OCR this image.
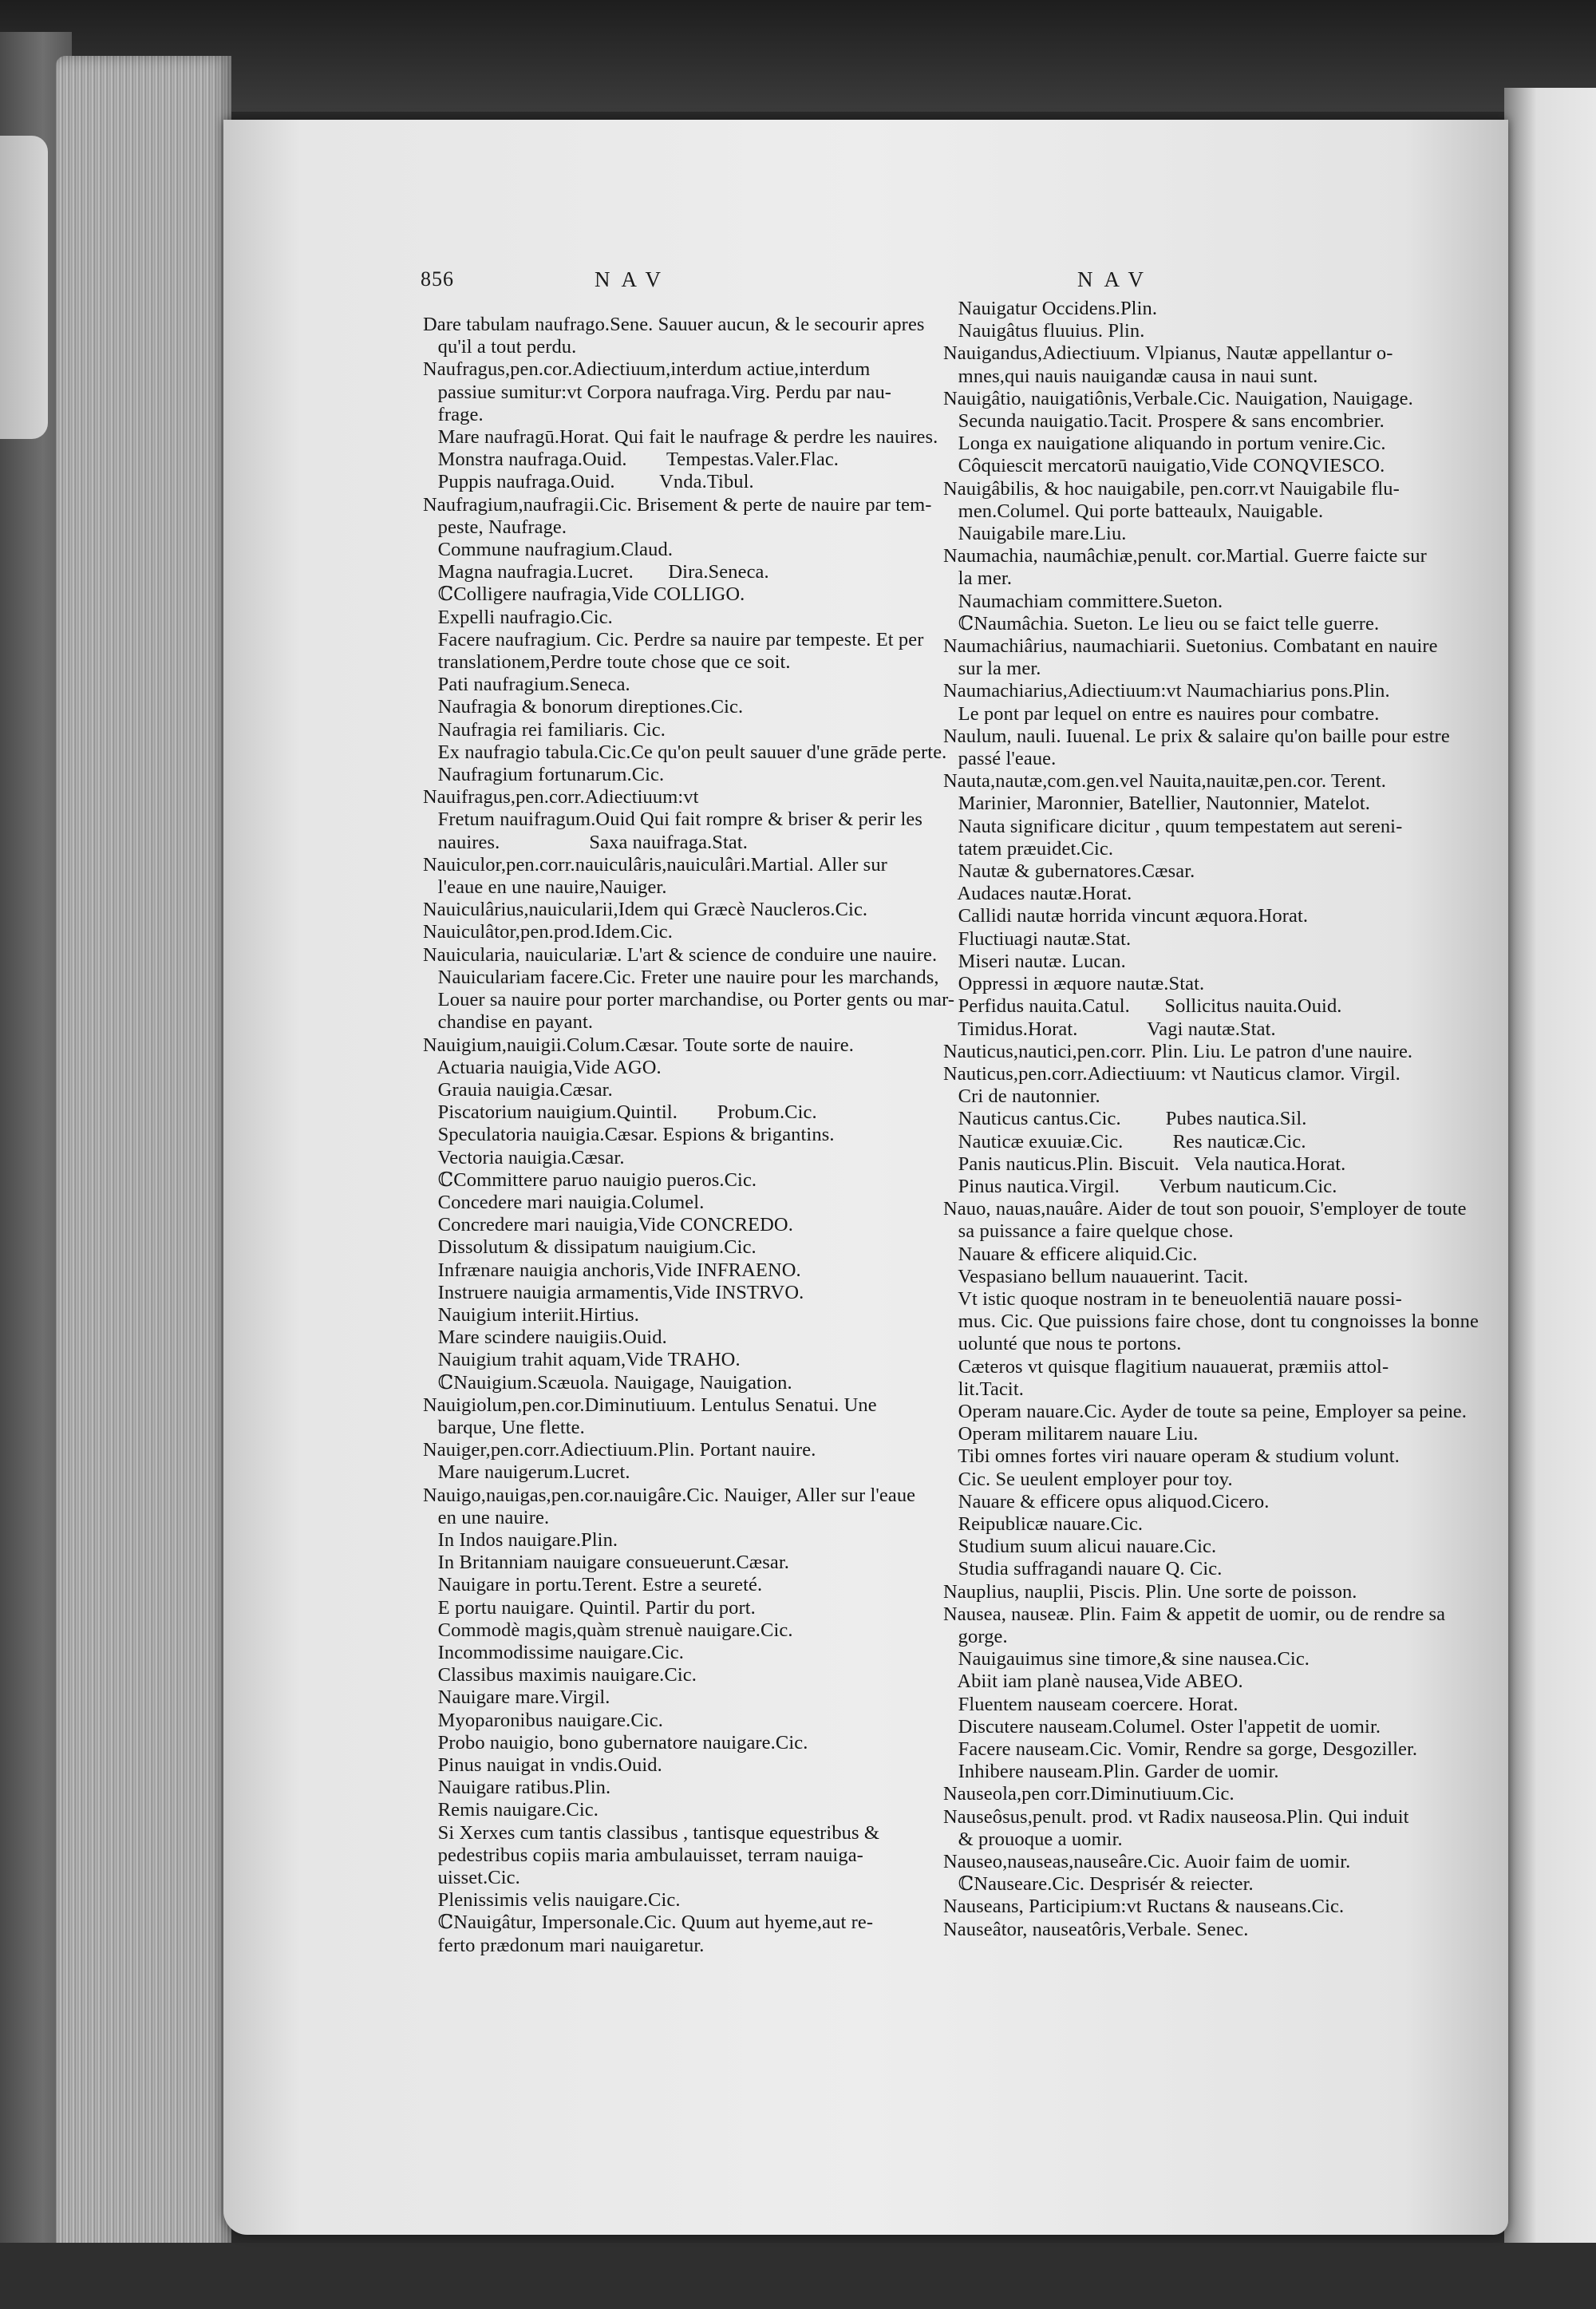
856	NAV	NAV
Dare tabulam naufrago.Sene. Sauuer aucun, & le secourir apres
qu'il a tout perdu.
Naufragus,pen.cor.Adiectiuum,interdum actiue,interdum
passiue sumitur:vt Corpora naufraga.Virg. Perdu par nau-
frage.
Mare naufragū.Horat. Qui fait le naufrage & perdre les nauires.
Monstra naufraga.Ouid.        Tempestas.Valer.Flac.
Puppis naufraga.Ouid.         Vnda.Tibul.
Naufragium,naufragii.Cic. Brisement & perte de nauire par tem-
peste, Naufrage.
Commune naufragium.Claud.
Magna naufragia.Lucret.       Dira.Seneca.
ℂColligere naufragia,Vide COLLIGO.
Expelli naufragio.Cic.
Facere naufragium. Cic. Perdre sa nauire par tempeste. Et per
translationem,Perdre toute chose que ce soit.
Pati naufragium.Seneca.
Naufragia & bonorum direptiones.Cic.
Naufragia rei familiaris. Cic.
Ex naufragio tabula.Cic.Ce qu'on peult sauuer d'une grāde perte.
Naufragium fortunarum.Cic.
Nauifragus,pen.corr.Adiectiuum:vt
Fretum nauifragum.Ouid Qui fait rompre & briser & perir les
nauires.                  Saxa nauifraga.Stat.
Nauiculor,pen.corr.nauiculâris,nauiculâri.Martial. Aller sur
l'eaue en une nauire,Nauiger.
Nauiculârius,nauicularii,Idem qui Græcè Naucleros.Cic.
Nauiculâtor,pen.prod.Idem.Cic.
Nauicularia, nauiculariæ. L'art & science de conduire une nauire.
Nauiculariam facere.Cic. Freter une nauire pour les marchands,
Louer sa nauire pour porter marchandise, ou Porter gents ou mar-
chandise en payant.
Nauigium,nauigii.Colum.Cæsar. Toute sorte de nauire.
Actuaria nauigia,Vide AGO.
Grauia nauigia.Cæsar.
Piscatorium nauigium.Quintil.        Probum.Cic.
Speculatoria nauigia.Cæsar. Espions & brigantins.
Vectoria nauigia.Cæsar.
ℂCommittere paruo nauigio pueros.Cic.
Concedere mari nauigia.Columel.
Concredere mari nauigia,Vide CONCREDO.
Dissolutum & dissipatum nauigium.Cic.
Infrænare nauigia anchoris,Vide INFRAENO.
Instruere nauigia armamentis,Vide INSTRVO.
Nauigium interiit.Hirtius.
Mare scindere nauigiis.Ouid.
Nauigium trahit aquam,Vide TRAHO.
ℂNauigium.Scæuola. Nauigage, Nauigation.
Nauigiolum,pen.cor.Diminutiuum. Lentulus Senatui. Une
barque, Une flette.
Nauiger,pen.corr.Adiectiuum.Plin. Portant nauire.
Mare nauigerum.Lucret.
Nauigo,nauigas,pen.cor.nauigâre.Cic. Nauiger, Aller sur l'eaue
en une nauire.
In Indos nauigare.Plin.
In Britanniam nauigare consueuerunt.Cæsar.
Nauigare in portu.Terent. Estre a seureté.
E portu nauigare. Quintil. Partir du port.
Commodè magis,quàm strenuè nauigare.Cic.
Incommodissime nauigare.Cic.
Classibus maximis nauigare.Cic.
Nauigare mare.Virgil.
Myoparonibus nauigare.Cic.
Probo nauigio, bono gubernatore nauigare.Cic.
Pinus nauigat in vndis.Ouid.
Nauigare ratibus.Plin.
Remis nauigare.Cic.
Si Xerxes cum tantis classibus , tantisque equestribus &
pedestribus copiis maria ambulauisset, terram nauiga-
uisset.Cic.
Plenissimis velis nauigare.Cic.
ℂNauigâtur, Impersonale.Cic. Quum aut hyeme,aut re-
ferto prædonum mari nauigaretur.
Nauigatur Occidens.Plin.
Nauigâtus fluuius. Plin.
Nauigandus,Adiectiuum. Vlpianus, Nautæ appellantur o-
mnes,qui nauis nauigandæ causa in naui sunt.
Nauigâtio, nauigatiônis,Verbale.Cic. Nauigation, Nauigage.
Secunda nauigatio.Tacit. Prospere & sans encombrier.
Longa ex nauigatione aliquando in portum venire.Cic.
Côquiescit mercatorū nauigatio,Vide CONQVIESCO.
Nauigâbilis, & hoc nauigabile, pen.corr.vt Nauigabile flu-
men.Columel. Qui porte batteaulx, Nauigable.
Nauigabile mare.Liu.
Naumachia, naumâchiæ,penult. cor.Martial. Guerre faicte sur
la mer.
Naumachiam committere.Sueton.
ℂNaumâchia. Sueton. Le lieu ou se faict telle guerre.
Naumachiârius, naumachiarii. Suetonius. Combatant en nauire
sur la mer.
Naumachiarius,Adiectiuum:vt Naumachiarius pons.Plin.
Le pont par lequel on entre es nauires pour combatre.
Naulum, nauli. Iuuenal. Le prix & salaire qu'on baille pour estre
passé l'eaue.
Nauta,nautæ,com.gen.vel Nauita,nauitæ,pen.cor. Terent.
Marinier, Maronnier, Batellier, Nautonnier, Matelot.
Nauta significare dicitur , quum tempestatem aut sereni-
tatem præuidet.Cic.
Nautæ & gubernatores.Cæsar.
Audaces nautæ.Horat.
Callidi nautæ horrida vincunt æquora.Horat.
Fluctiuagi nautæ.Stat.
Miseri nautæ. Lucan.
Oppressi in æquore nautæ.Stat.
Perfidus nauita.Catul.       Sollicitus nauita.Ouid.
Timidus.Horat.              Vagi nautæ.Stat.
Nauticus,nautici,pen.corr. Plin. Liu. Le patron d'une nauire.
Nauticus,pen.corr.Adiectiuum: vt Nauticus clamor. Virgil.
Cri de nautonnier.
Nauticus cantus.Cic.         Pubes nautica.Sil.
Nauticæ exuuiæ.Cic.          Res nauticæ.Cic.
Panis nauticus.Plin. Biscuit.   Vela nautica.Horat.
Pinus nautica.Virgil.        Verbum nauticum.Cic.
Nauo, nauas,nauâre. Aider de tout son pouoir, S'employer de toute
sa puissance a faire quelque chose.
Nauare & efficere aliquid.Cic.
Vespasiano bellum nauauerint. Tacit.
Vt istic quoque nostram in te beneuolentiā nauare possi-
mus. Cic. Que puissions faire chose, dont tu congnoisses la bonne
uolunté que nous te portons.
Cæteros vt quisque flagitium nauauerat, præmiis attol-
lit.Tacit.
Operam nauare.Cic. Ayder de toute sa peine, Employer sa peine.
Operam militarem nauare Liu.
Tibi omnes fortes viri nauare operam & studium volunt.
Cic. Se ueulent employer pour toy.
Nauare & efficere opus aliquod.Cicero.
Reipublicæ nauare.Cic.
Studium suum alicui nauare.Cic.
Studia suffragandi nauare Q. Cic.
Nauplius, nauplii, Piscis. Plin. Une sorte de poisson.
Nausea, nauseæ. Plin. Faim & appetit de uomir, ou de rendre sa
gorge.
Nauigauimus sine timore,& sine nausea.Cic.
Abiit iam planè nausea,Vide ABEO.
Fluentem nauseam coercere. Horat.
Discutere nauseam.Columel. Oster l'appetit de uomir.
Facere nauseam.Cic. Vomir, Rendre sa gorge, Desgoziller.
Inhibere nauseam.Plin. Garder de uomir.
Nauseola,pen corr.Diminutiuum.Cic.
Nauseôsus,penult. prod. vt Radix nauseosa.Plin. Qui induit
& prouoque a uomir.
Nauseo,nauseas,nauseâre.Cic. Auoir faim de uomir.
ℂNauseare.Cic. Desprisér & reiecter.
Nauseans, Participium:vt Ructans & nauseans.Cic.
Nauseâtor, nauseatôris,Verbale. Senec.
